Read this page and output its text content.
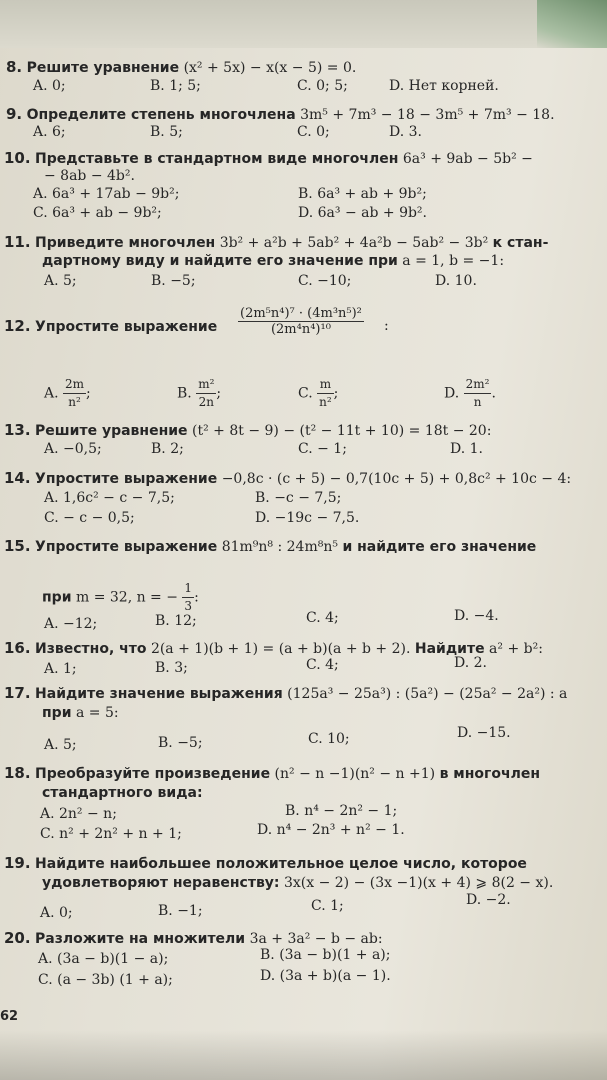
8. Решите уравнение (x² + 5x) − x(x − 5) = 0.
A. 0;	B. 1; 5;	C. 0; 5;	D. Нет корней.
9. Определите степень многочлена 3m⁵ + 7m³ − 18 − 3m⁵ + 7m³ − 18.
A. 6;	B. 5;	C. 0;	D. 3.
10. Представьте в стандартном виде многочлен 6a³ + 9ab − 5b² −
− 8ab − 4b².
A. 6a³ + 17ab − 9b²;	B. 6a³ + ab + 9b²;
C. 6a³ + ab − 9b²;	D. 6a³ − ab + 9b².
11. Приведите многочлен 3b² + a²b + 5ab² + 4a²b − 5ab² − 3b² к стан-
дартному виду и найдите его значение при a = 1, b = −1:
A. 5;	B. −5;	C. −10;	D. 10.
12. Упростите выражение $\frac{\text{(2m⁵n⁴)⁷ · (4m³n⁵)²}}{\text{(2m⁴n⁴)¹⁰}}$ :
A. $\frac{2m}{\text{n²}}$ ;	B. $\frac{\text{m²}}{2n}$ ;	C. $\frac{m}{\text{n²}}$ ;	D. $\frac{\text{2m²}}{n}$ .
13. Решите уравнение (t² + 8t − 9) − (t² − 11t + 10) = 18t − 20:
A. −0,5;	B. 2;	C. − 1;	D. 1.
14. Упростите выражение −0,8c · (c + 5) − 0,7(10c + 5) + 0,8c² + 10c − 4:
A. 1,6c² − c − 7,5;	B. −c − 7,5;
C. − c − 0,5;	D. −19c − 7,5.
15. Упростите выражение 81m⁹n⁸ : 24m⁸n⁵ и найдите его значение
при m = 32, n = − $\frac{1}{3}$ :
A. −12;	B. 12;	C. 4;	D. −4.
16. Известно, что 2(a + 1)(b + 1) = (a + b)(a + b + 2). Найдите a² + b²:
A. 1;	B. 3;	C. 4;	D. 2.
17. Найдите значение выражения (125a³ − 25a³) : (5a²) − (25a² − 2a²) : a
при a = 5:
A. 5;	B. −5;	C. 10;	D. −15.
18. Преобразуйте произведение (n² − n −1)(n² − n +1) в многочлен
стандартного вида:
A. 2n² − n;	B. n⁴ − 2n² − 1;
C. n² + 2n² + n + 1;	D. n⁴ − 2n³ + n² − 1.
19. Найдите наибольшее положительное целое число, которое
удовлетворяют неравенству: 3x(x − 2) − (3x −1)(x + 4) ⩾ 8(2 − x).
A. 0;	B. −1;	C. 1;	D. −2.
20. Разложите на множители 3a + 3a² − b − ab:
A. (3a − b)(1 − a);	B. (3a − b)(1 + a);
C. (a − 3b) (1 + a);	D. (3a + b)(a − 1).
62
